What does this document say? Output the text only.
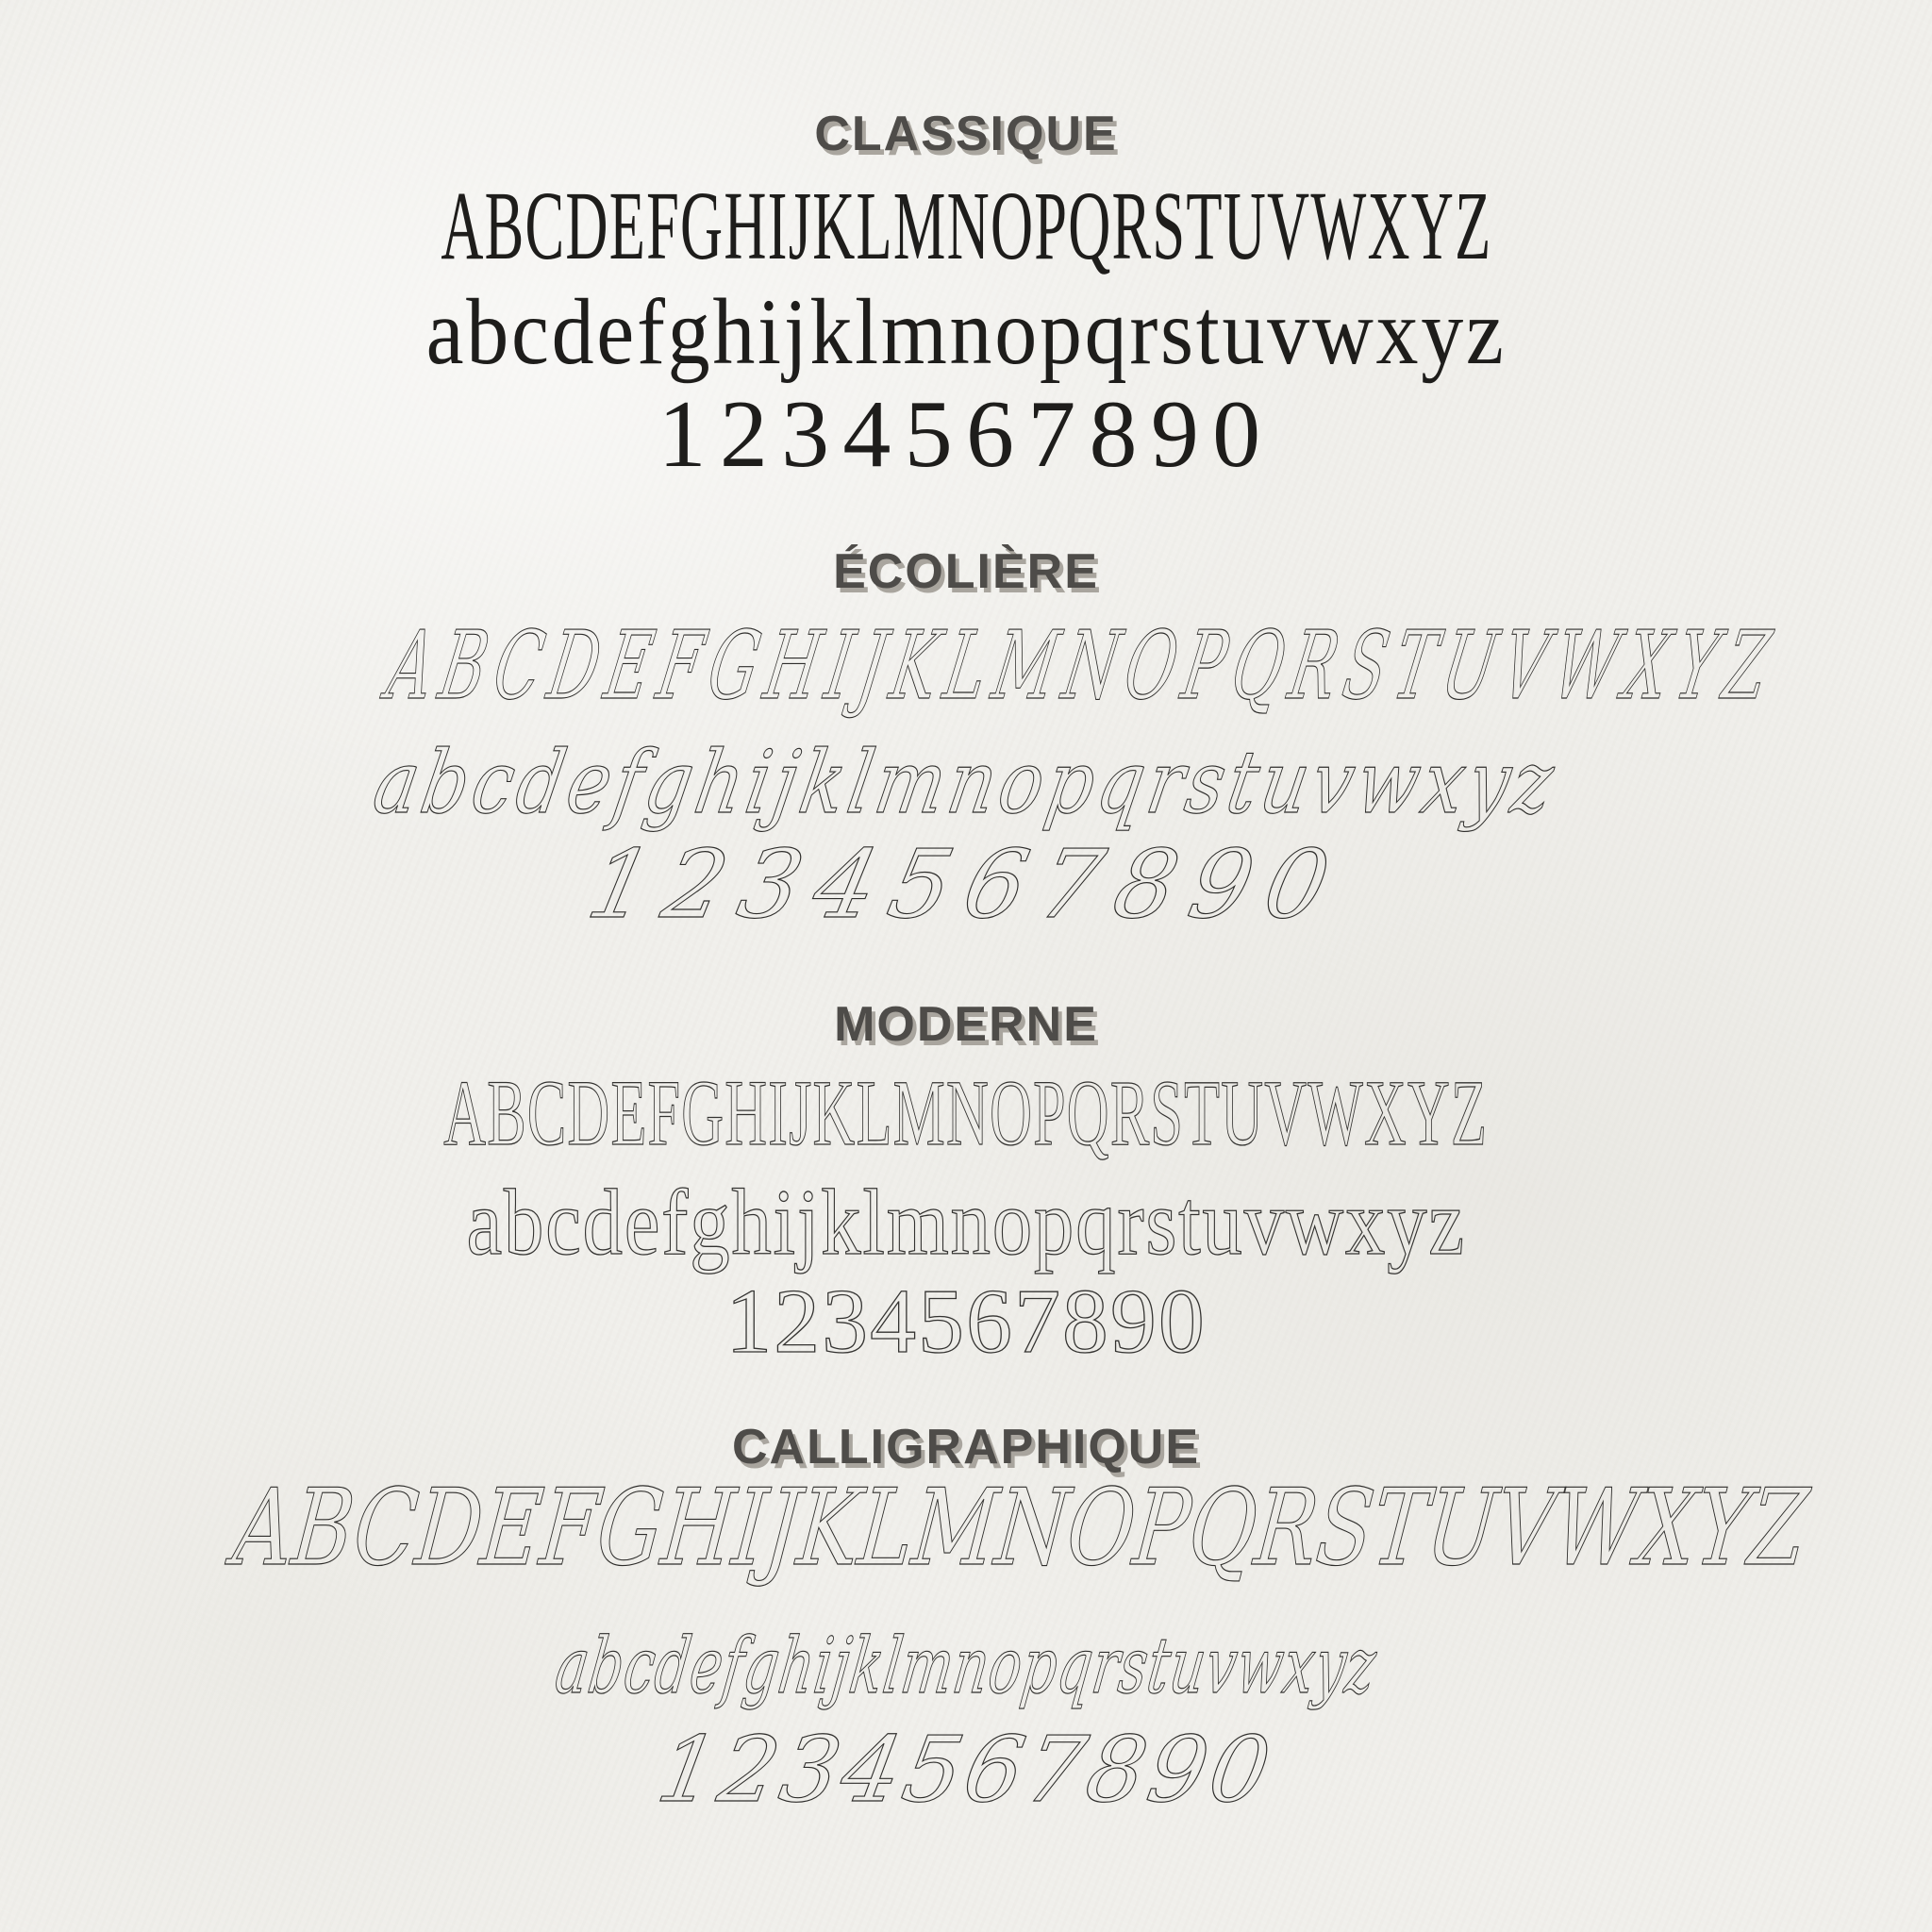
CLASSIQUE
ABCDEFGHIJKLMNOPQRSTUVWXYZ
abcdefghijklmnopqrstuvwxyz
1234567890
ÉCOLIÈRE
ABCDEFGHIJKLMNOPQRSTUVWXYZ
abcdefghijklmnopqrstuvwxyz
1234567890
MODERNE
ABCDEFGHIJKLMNOPQRSTUVWXYZ
abcdefghijklmnopqrstuvwxyz
1234567890
CALLIGRAPHIQUE
ABCDEFGHIJKLMNOPQRSTUVWXYZ
abcdefghijklmnopqrstuvwxyz
1234567890
